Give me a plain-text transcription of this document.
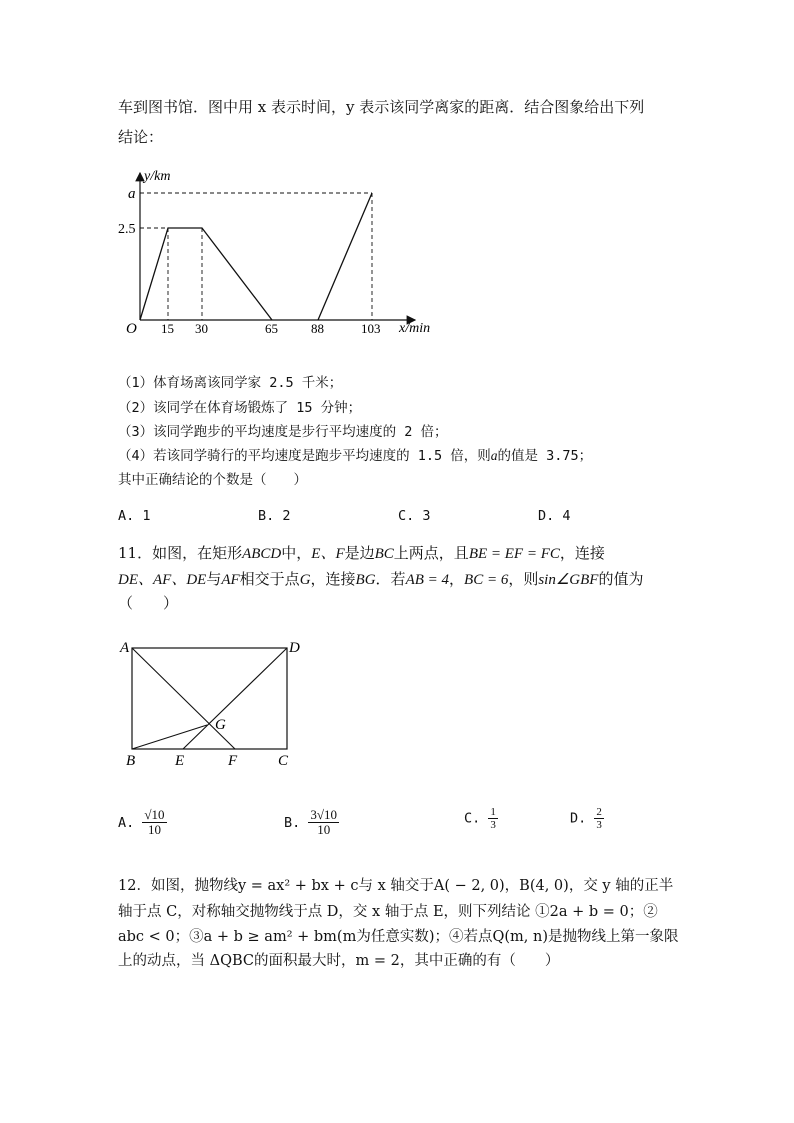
车到图书馆．图中用 x 表示时间，y 表示该同学离家的距离．结合图象给出下列
结论：
y/km
x/min
O
a
2.5
15 30	65	88	103
（1）体育场离该同学家 2.5 千米；
（2）该同学在体育场锻炼了 15 分钟；
（3）该同学跑步的平均速度是步行平均速度的 2 倍；
（4）若该同学骑行的平均速度是跑步平均速度的 1.5 倍，则a的值是 3.75；
其中正确结论的个数是（　　）
A. 1	B. 2	C. 3	D. 4
11．如图，在矩形ABCD中，E、F是边BC上两点，且BE = EF = FC，连接
DE、AF、DE与AF相交于点G，连接BG．若AB = 4，BC = 6，则sin∠GBF的值为
（　　）
A	D
G
B	E	F	C
A. $\frac{√10}{10}$	B. $\frac{3√10}{10}$	C. $\frac{1}{3}$	D. $\frac{2}{3}$
12．如图，抛物线y = ax² + bx + c与 x 轴交于A( − 2, 0)，B(4, 0)，交 y 轴的正半
轴于点 C，对称轴交抛物线于点 D，交 x 轴于点 E，则下列结论 ①2a + b = 0；②
abc < 0；③a + b ≥ am² + bm(m为任意实数)；④若点Q(m, n)是抛物线上第一象限
上的动点，当 ΔQBC的面积最大时，m = 2，其中正确的有（　　）
